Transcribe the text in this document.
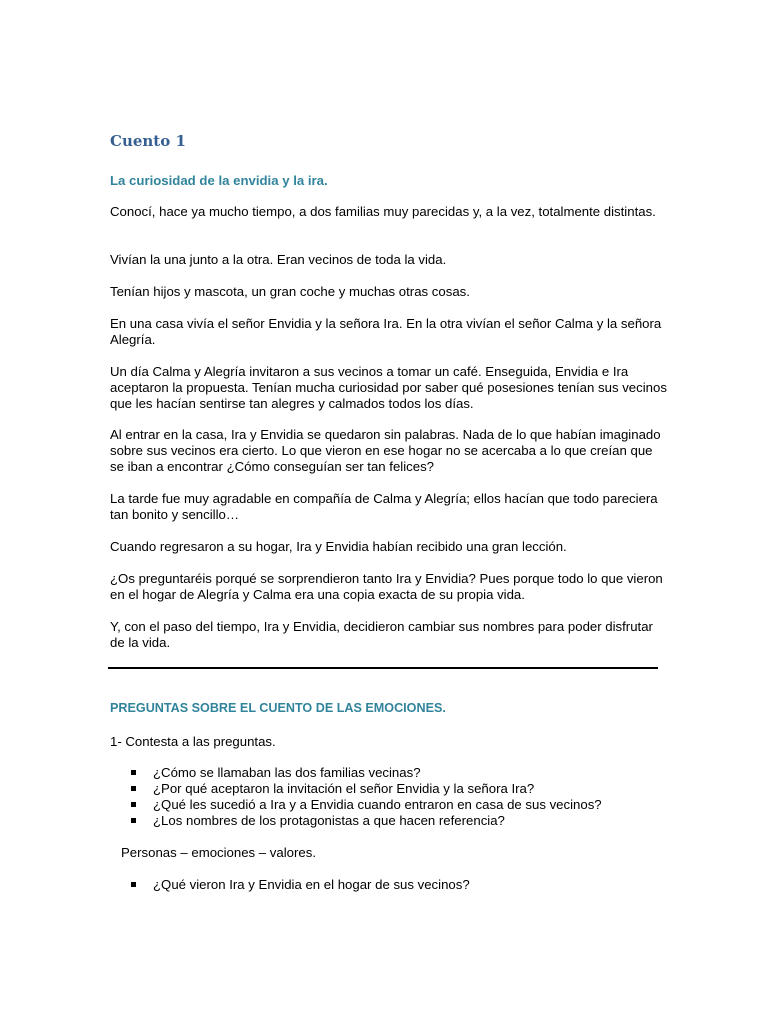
Cuento 1

La curiosidad de la envidia y la ira.

Conocí, hace ya mucho tiempo, a dos familias muy parecidas y, a la vez, totalmente distintas.

Vivían la una junto a la otra. Eran vecinos de toda la vida.

Tenían hijos y mascota, un gran coche y muchas otras cosas.

En una casa vivía el señor Envidia y la señora Ira. En la otra vivían el señor Calma y la señora Alegría.

Un día Calma y Alegría invitaron a sus vecinos a tomar un café. Enseguida, Envidia e Ira aceptaron la propuesta. Tenían mucha curiosidad por saber qué posesiones tenían sus vecinos que les hacían sentirse tan alegres y calmados todos los días.

Al entrar en la casa, Ira y Envidia se quedaron sin palabras. Nada de lo que habían imaginado sobre sus vecinos era cierto. Lo que vieron en ese hogar no se acercaba a lo que creían que se iban a encontrar ¿Cómo conseguían ser tan felices?

La tarde fue muy agradable en compañía de Calma y Alegría; ellos hacían que todo pareciera tan bonito y sencillo…

Cuando regresaron a su hogar, Ira y Envidia habían recibido una gran lección.

¿Os preguntaréis porqué se sorprendieron tanto Ira y Envidia? Pues porque todo lo que vieron en el hogar de Alegría y Calma era una copia exacta de su propia vida.

Y, con el paso del tiempo, Ira y Envidia, decidieron cambiar sus nombres para poder disfrutar de la vida.

PREGUNTAS SOBRE EL CUENTO DE LAS EMOCIONES.

1- Contesta a las preguntas.

¿Cómo se llamaban las dos familias vecinas?
¿Por qué aceptaron la invitación el señor Envidia y la señora Ira?
¿Qué les sucedió a Ira y a Envidia cuando entraron en casa de sus vecinos?
¿Los nombres de los protagonistas a que hacen referencia?

Personas – emociones – valores.

¿Qué vieron Ira y Envidia en el hogar de sus vecinos?
